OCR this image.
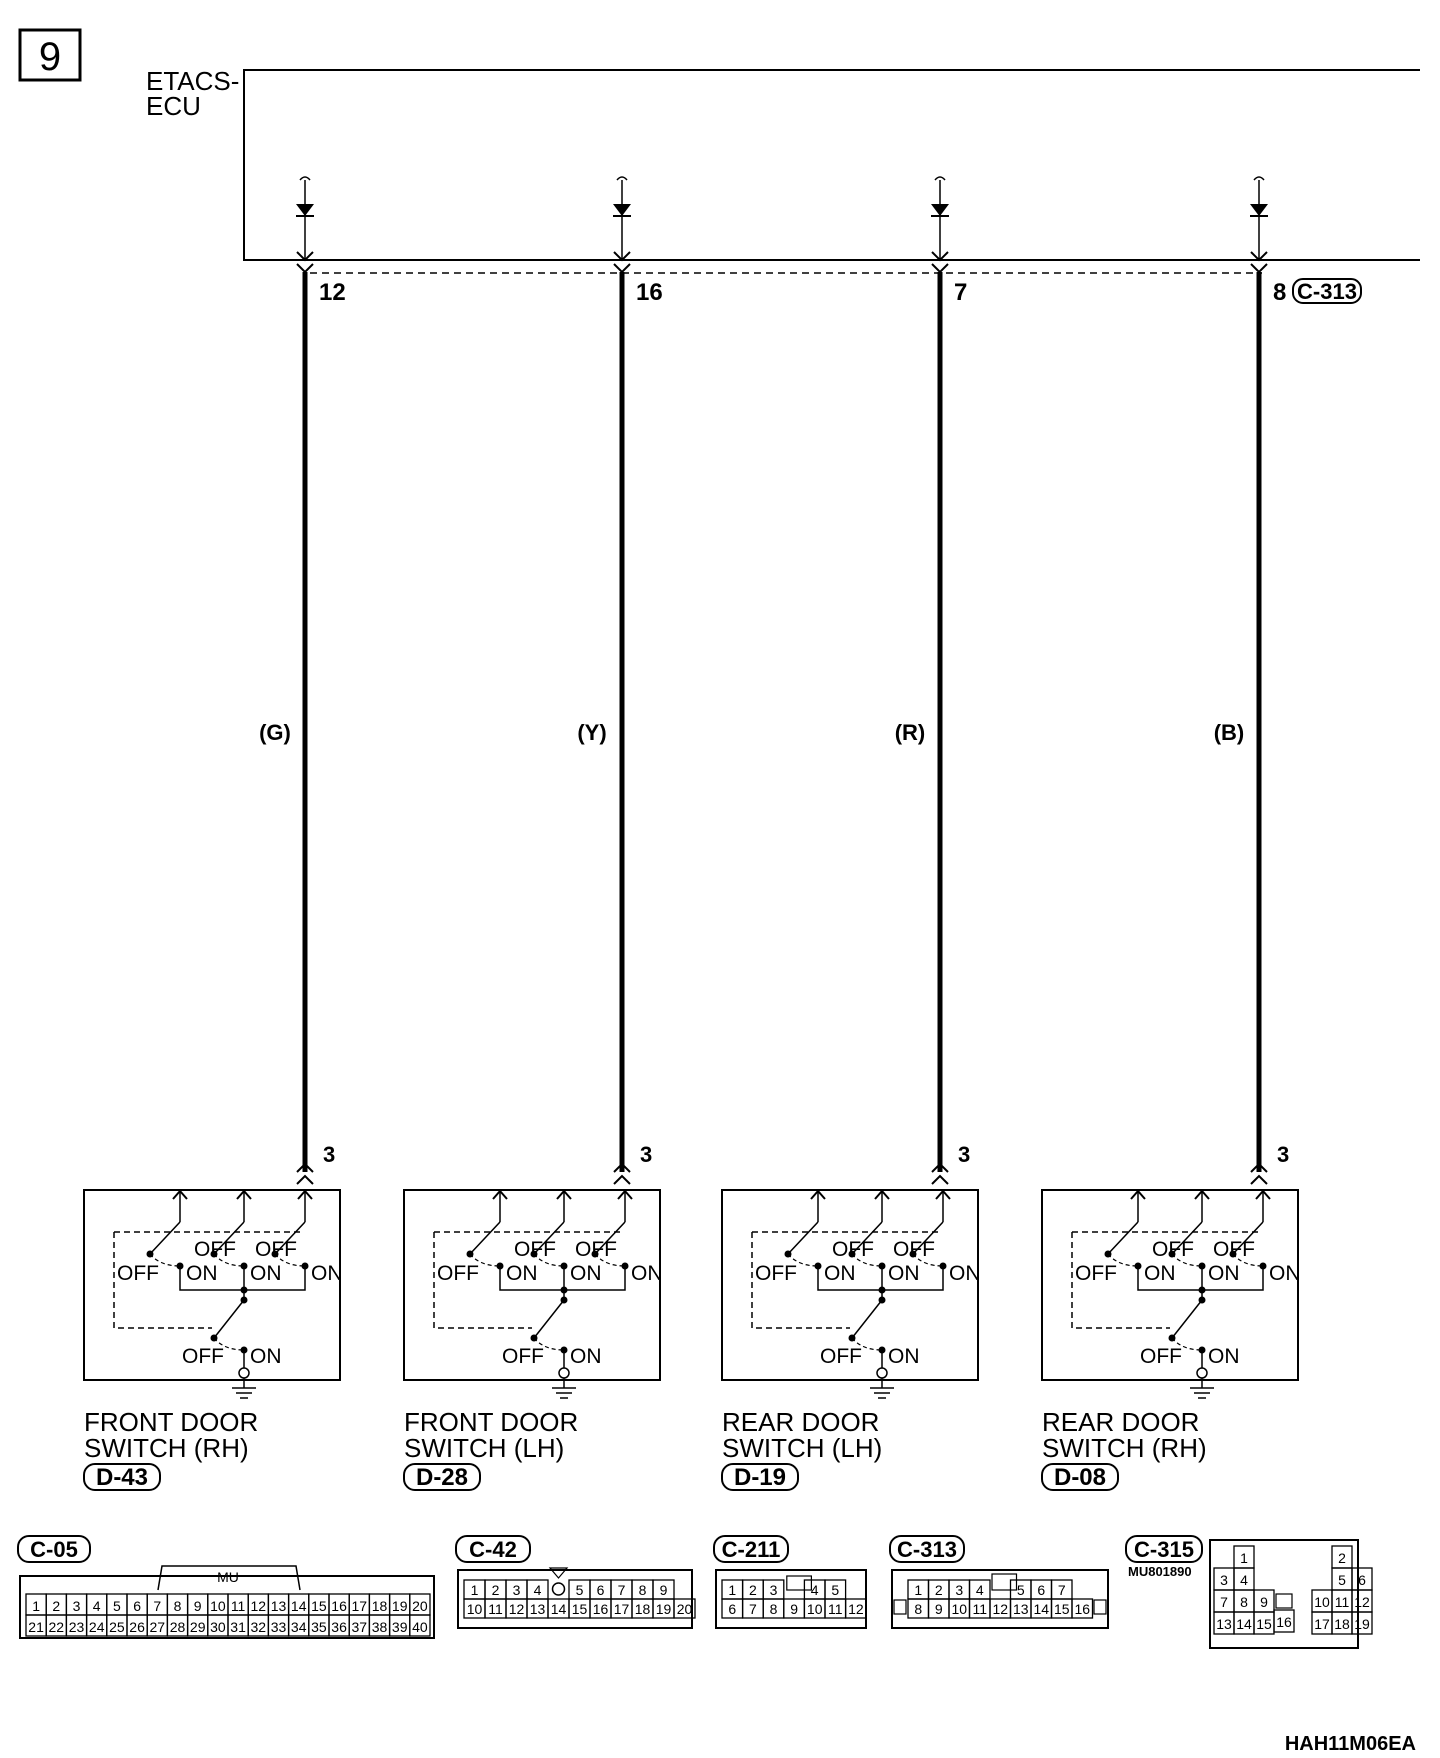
9
ETACS-
ECU
C-313
12
(G)
3
16
(Y)
3
7
(R)
3
8
(B)
3
OFF ON
OFF
ON
OFF
ON
OFF ON
FRONT DOOR
SWITCH (RH)
D-43
OFF ON
OFF
ON
OFF
ON
OFF ON
FRONT DOOR
SWITCH (LH)
D-28
OFF ON
OFF
ON
OFF
ON
OFF ON
REAR DOOR
SWITCH (LH)
D-19
OFF ON
OFF
ON
OFF
ON
OFF ON
REAR DOOR
SWITCH (RH)
D-08
C-05
MU
1 2 3 4 5 6 7 8 9 10 11 12 13 14 15 16 17 18 19 20
21 22 23 24 25 26 27 28 29 30 31 32 33 34 35 36 37 38 39 40
C-42
1 2 3 4 5 6 7 8 9
10 11 12 13 14 15 16 17 18 19 20
C-211
1 2 3 4 5
6 7 8 9 10 11 12
C-313
1 2 3 4 5 6 7
8 9 10 11 12 13 14 15 16
C-315
MU801890
1	2
3 4	5 6
7 8 9	10 11 12
13 14 15 16 17 18 19
HAH11M06EA
